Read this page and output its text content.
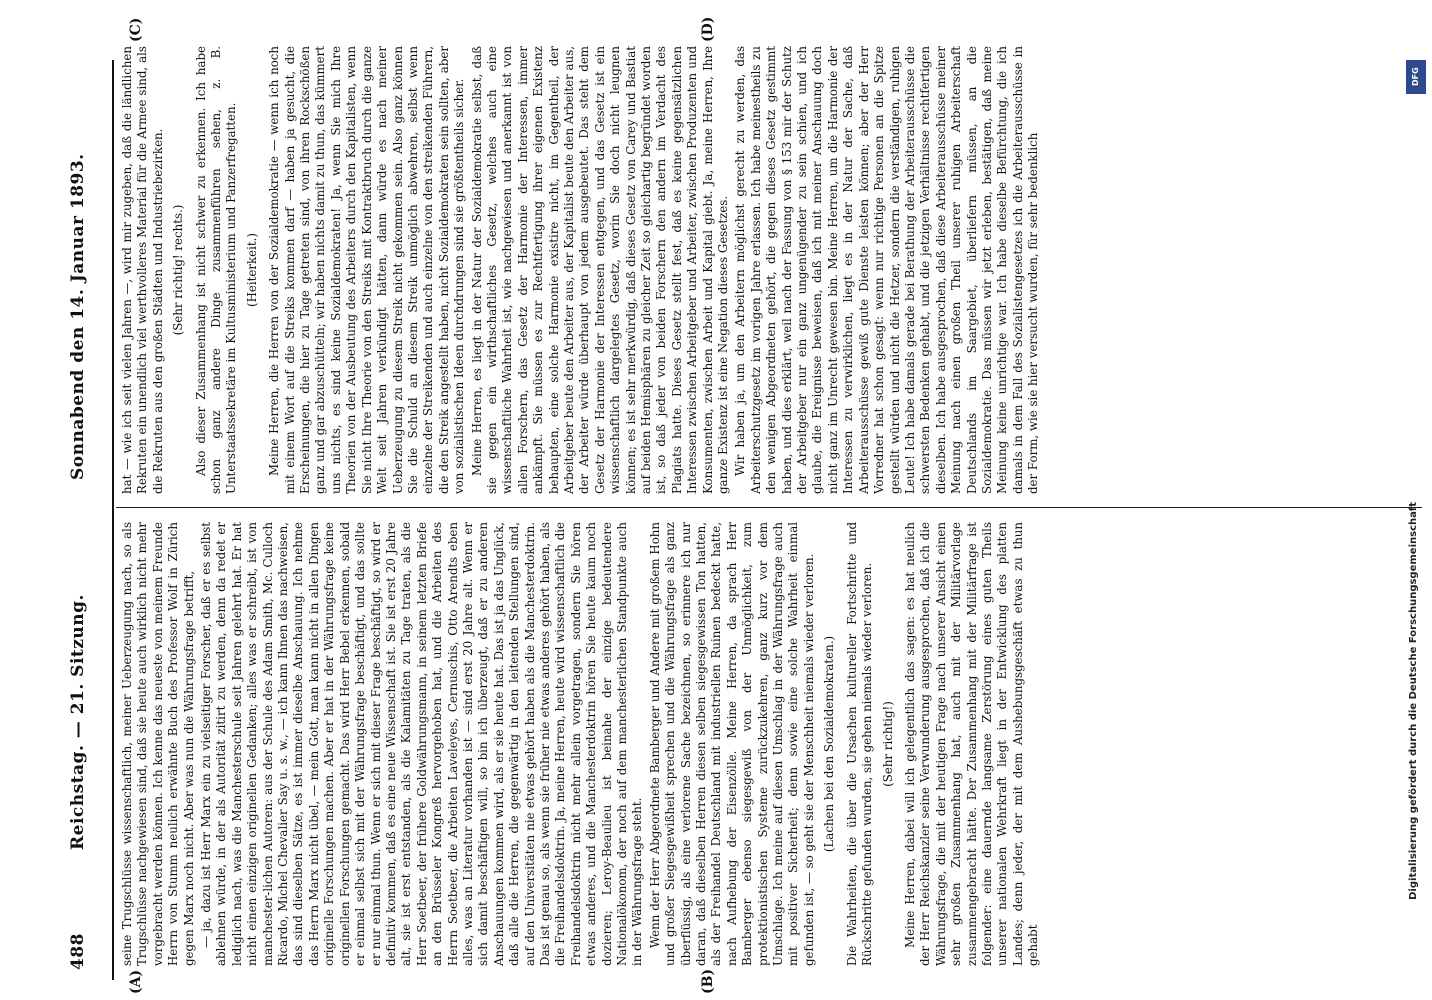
488
Reichstag. — 21. Sitzung.
Sonnabend den 14. Januar 1893.
(A)	(B)
(C)	(D)

seine Trugschlüsse wissenschaftlich, meiner Ueberzeugung nach, so als Trugschlüsse nachgewiesen sind, daß sie heute auch wirklich nicht mehr vorgebracht werden können. Ich kenne das neueste von meinem Freunde Herrn von Stumm neulich erwähnte Buch des Professor Wolf in Zürich gegen Marx noch nicht. Aber was nun die Währungsfrage betrifft, — ja, dazu ist Herr Marx ein zu vielseitiger Forscher, daß er es selbst ablehnen würde, in der als Autorität zitirt zu werden, denn da redet er lediglich nach, was die Manchesterschule seit Jahren gelehrt hat. Er hat nicht einen einzigen originellen Gedanken; alles was er schreibt, ist von manchester-lichen Autoren: aus der Schule des Adam Smith, Mc. Culloch Ricardo, Michel Chevalier Say u. s. w., — ich kann Ihnen das nachweisen, das sind dieselben Sätze, es ist immer dieselbe Anschauung. Ich nehme das Herrn Marx nicht übel, — mein Gott, man kann nicht in allen Dingen originelle Forschungen machen. Aber er hat in der Währungsfrage keine originellen Forschungen gemacht. Das wird Herr Bebel erkennen, sobald er einmal selbst sich mit der Währungsfrage beschäftigt, und das sollte er nur einmal thun. Wenn er sich mit dieser Frage beschäftigt, so wird er definitiv kommen, daß es eine neue Wissenschaft ist. Sie ist erst 20 Jahre alt, sie ist erst entstanden, als die Kalamitäten zu Tage traten, als die Herr Soetbeer, der frühere Goldwährungsmann, in seinem letzten Briefe an den Brüsseler Kongreß hervorgehoben hat, und die Arbeiten des Herrn Soetbeer, die Arbeiten Laveleyes, Cernuschis, Otto Arendts eben alles, was an Literatur vorhanden ist — sind erst 20 Jahre alt. Wenn er sich damit beschäftigen will, so bin ich überzeugt, daß er zu anderen Anschauungen kommen wird, als er sie heute hat. Das ist ja das Unglück, daß alle die Herren, die gegenwärtig in den leitenden Stellungen sind, auf den Universitäten nie etwas gehört haben als die Manchesterdoktrin. Das ist genau so, als wenn sie früher nie etwas anderes gehört haben, als die Freihandelsdoktrin. Ja, meine Herren, heute wird wissenschaftlich die Freihandelsdoktrin nicht mehr allein vorgetragen, sondern Sie hören etwas anderes, und die Manchesterdoktrin hören Sie heute kaum noch dozieren; Leroy-Beaulieu ist beinahe der einzige bedeutendere Nationalökonom, der noch auf dem manchesterlichen Standpunkte auch in der Währungsfrage steht. Wenn der Herr Abgeordnete Bamberger und Andere mit großem Hohn und großer Siegesgewißheit sprechen und die Währungsfrage als ganz überflüssig, als eine verlorene Sache bezeichnen, so erinnere ich nur daran, daß dieselben Herren diesen selben siegesgewissen Ton hatten, als der Freihandel Deutschland mit industriellen Ruinen bedeckt hatte, nach Aufhebung der Eisenzölle. Meine Herren, da sprach Herr Bamberger ebenso siegesgewiß von der Unmöglichkeit, zum protektionistischen Systeme zurückzukehren, ganz kurz vor dem Umschlage. Ich meine auf diesen Umschlag in der Währungsfrage auch mit positiver Sicherheit; denn sowie eine solche Wahrheit einmal gefunden ist, — so geht sie der Menschheit niemals wieder verloren. (Lachen bei den Sozialdemokraten.) Die Wahrheiten, die über die Ursachen kultureller Fortschritte und Rückschritte gefunden wurden, sie gehen niemals wieder verloren. (Sehr richtig!) Meine Herren, dabei will ich gelegentlich das sagen: es hat neulich der Herr Reichskanzler seine Verwunderung ausgesprochen, daß ich die Währungsfrage, die mit der heutigen Frage nach unserer Ansicht einen sehr großen Zusammenhang hat, auch mit der Militärvorlage zusammengebracht hätte. Der Zusammenhang mit der Militärfrage ist folgender: eine dauernde langsame Zerstörung eines guten Theils unserer nationalen Wehrkraft liegt in der Entwicklung des platten Landes; denn jeder, der mit dem Aushebungsgeschäft etwas zu thun gehabt

hat — wie ich seit vielen Jahren —, wird mir zugeben, daß die ländlichen Rekruten ein unendlich viel werthvolleres Material für die Armee sind, als die Rekruten aus den großen Städten und Industriebezirken. (Sehr richtig! rechts.) Also dieser Zusammenhang ist nicht schwer zu erkennen. Ich habe schon ganz andere Dinge zusammenführen sehen, z. B. Unterstaatssekretäre im Kultusministerium und Panzerfregatten. (Heiterkeit.) Meine Herren, die Herren von der Sozialdemokratie — wenn ich noch mit einem Wort auf die Streiks kommen darf — haben ja gesucht, die Erscheinungen, die hier zu Tage getreten sind, von ihren Rockschößen ganz und gar abzuschütteln; wir haben nichts damit zu thun, das kümmert uns nichts, es sind keine Sozialdemokraten! Ja, wenn Sie mich Ihre Theorien von der Ausbeutung des Arbeiters durch den Kapitalisten, wenn Sie nicht Ihre Theorie von den Streiks mit Kontraktbruch durch die ganze Welt seit Jahren verkündigt hätten, dann würde es nach meiner Ueberzeugung zu diesem Streik nicht gekommen sein. Also ganz können Sie die Schuld an diesem Streik unmöglich abwehren, selbst wenn einzelne der Streikenden und auch einzelne von den streikenden Führern, die den Streik angestellt haben, nicht Sozialdemokraten sein sollten, aber von sozialistischen Ideen durchdrungen sind sie größtentheils sicher. Meine Herren, es liegt in der Natur der Sozialdemokratie selbst, daß sie gegen ein wirthschaftliches Gesetz, welches auch eine wissenschaftliche Wahrheit ist, wie nachgewiesen und anerkannt ist von allen Forschern, das Gesetz der Harmonie der Interessen, immer ankämpft. Sie müssen es zur Rechtfertigung ihrer eigenen Existenz behaupten, eine solche Harmonie existire nicht, im Gegentheil, der Arbeitgeber beute den Arbeiter aus, der Kapitalist beute den Arbeiter aus, der Arbeiter würde überhaupt von jedem ausgebeutet. Das steht dem Gesetz der Harmonie der Interessen entgegen, und das Gesetz ist ein wissenschaftlich dargelegtes Gesetz, worin Sie doch nicht leugnen können; es ist sehr merkwürdig, daß dieses Gesetz von Carey und Bastiat auf beiden Hemisphären zu gleicher Zeit so gleichartig begründet worden ist, so daß jeder von beiden Forschern den andern im Verdacht des Plagiats hatte. Dieses Gesetz stellt fest, daß es keine gegensätzlichen Interessen zwischen Arbeitgeber und Arbeiter, zwischen Produzenten und Konsumenten, zwischen Arbeit und Kapital giebt. Ja, meine Herren, Ihre ganze Existenz ist eine Negation dieses Gesetzes. Wir haben ja, um den Arbeitern möglichst gerecht zu werden, das Arbeiterschutzgesetz im vorigen Jahre erlassen. Ich habe meinestheils zu den wenigen Abgeordneten gehört, die gegen dieses Gesetz gestimmt haben, und dies erklärt, weil nach der Fassung von § 153 mir der Schutz der Arbeitgeber nur ein ganz ungenügender zu sein schien, und ich glaube, die Ereignisse beweisen, daß ich mit meiner Anschauung doch nicht ganz im Unrecht gewesen bin. Meine Herren, um die Harmonie der Interessen zu verwirklichen, liegt es in der Natur der Sache, daß Arbeiterausschüsse gewiß gute Dienste leisten können; aber der Herr Vorredner hat schon gesagt: wenn nur richtige Personen an die Spitze gestellt würden und nicht die Hetzer, sondern die verständigen, ruhigen Leute! Ich habe damals gerade bei Berathung der Arbeiterausschüsse die schwersten Bedenken gehabt, und die jetzigen Verhältnisse rechtfertigen dieselben. Ich habe ausgesprochen, daß diese Arbeiterausschüsse meiner Meinung nach einen großen Theil unserer ruhigen Arbeiterschaft Deutschlands im Saargebiet, überliefern müssen, an die Sozialdemokratie. Das müssen wir jetzt erleben, bestätigen, daß meine Meinung keine unrichtige war. Ich habe dieselbe Befürchtung, die ich damals in dem Fall des Sozialistengesetzes ich die Arbeiterausschüsse in der Form, wie sie hier versucht wurden, für sehr bedenklich

Digitalisierung gefördert durch die Deutsche Forschungsgemeinschaft
DFG
